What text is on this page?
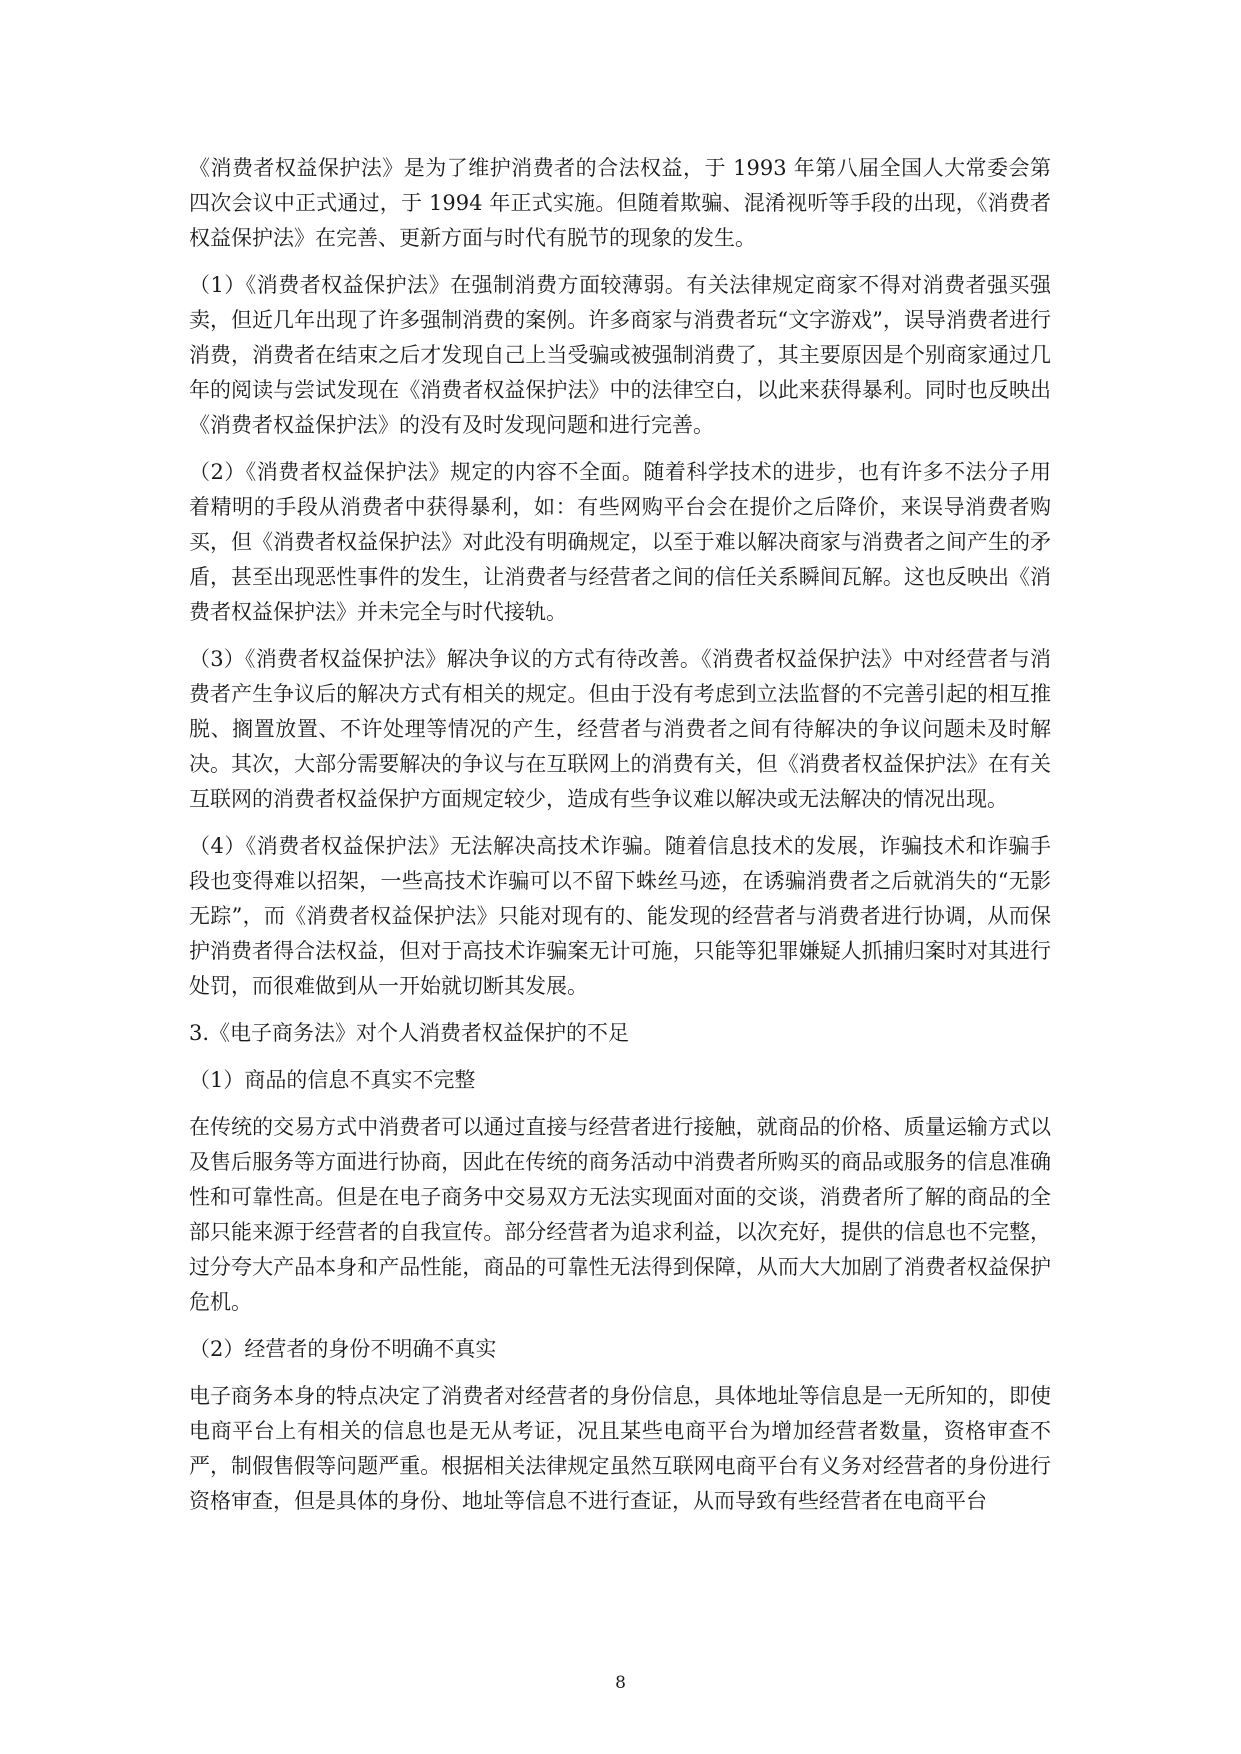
《消费者权益保护法》是为了维护消费者的合法权益，于 1993 年第八届全国人大常委会第四次会议中正式通过，于 1994 年正式实施。但随着欺骗、混淆视听等手段的出现，《消费者权益保护法》在完善、更新方面与时代有脱节的现象的发生。

（1）《消费者权益保护法》在强制消费方面较薄弱。有关法律规定商家不得对消费者强买强卖，但近几年出现了许多强制消费的案例。许多商家与消费者玩“文字游戏”，误导消费者进行消费，消费者在结束之后才发现自己上当受骗或被强制消费了，其主要原因是个别商家通过几年的阅读与尝试发现在《消费者权益保护法》中的法律空白，以此来获得暴利。同时也反映出《消费者权益保护法》的没有及时发现问题和进行完善。

（2）《消费者权益保护法》规定的内容不全面。随着科学技术的进步，也有许多不法分子用着精明的手段从消费者中获得暴利，如：有些网购平台会在提价之后降价，来误导消费者购买，但《消费者权益保护法》对此没有明确规定，以至于难以解决商家与消费者之间产生的矛盾，甚至出现恶性事件的发生，让消费者与经营者之间的信任关系瞬间瓦解。这也反映出《消费者权益保护法》并未完全与时代接轨。

（3）《消费者权益保护法》解决争议的方式有待改善。《消费者权益保护法》中对经营者与消费者产生争议后的解决方式有相关的规定。但由于没有考虑到立法监督的不完善引起的相互推脱、搁置放置、不许处理等情况的产生，经营者与消费者之间有待解决的争议问题未及时解决。其次，大部分需要解决的争议与在互联网上的消费有关，但《消费者权益保护法》在有关互联网的消费者权益保护方面规定较少，造成有些争议难以解决或无法解决的情况出现。

（4）《消费者权益保护法》无法解决高技术诈骗。随着信息技术的发展，诈骗技术和诈骗手段也变得难以招架，一些高技术诈骗可以不留下蛛丝马迹，在诱骗消费者之后就消失的“无影无踪”，而《消费者权益保护法》只能对现有的、能发现的经营者与消费者进行协调，从而保护消费者得合法权益，但对于高技术诈骗案无计可施，只能等犯罪嫌疑人抓捕归案时对其进行处罚，而很难做到从一开始就切断其发展。

3.《电子商务法》对个人消费者权益保护的不足

（1）商品的信息不真实不完整

在传统的交易方式中消费者可以通过直接与经营者进行接触，就商品的价格、质量运输方式以及售后服务等方面进行协商，因此在传统的商务活动中消费者所购买的商品或服务的信息准确性和可靠性高。但是在电子商务中交易双方无法实现面对面的交谈，消费者所了解的商品的全部只能来源于经营者的自我宣传。部分经营者为追求利益，以次充好，提供的信息也不完整，过分夸大产品本身和产品性能，商品的可靠性无法得到保障，从而大大加剧了消费者权益保护危机。

（2）经营者的身份不明确不真实

电子商务本身的特点决定了消费者对经营者的身份信息，具体地址等信息是一无所知的，即使电商平台上有相关的信息也是无从考证，况且某些电商平台为增加经营者数量，资格审查不严，制假售假等问题严重。根据相关法律规定虽然互联网电商平台有义务对经营者的身份进行资格审查，但是具体的身份、地址等信息不进行查证，从而导致有些经营者在电商平台

8
